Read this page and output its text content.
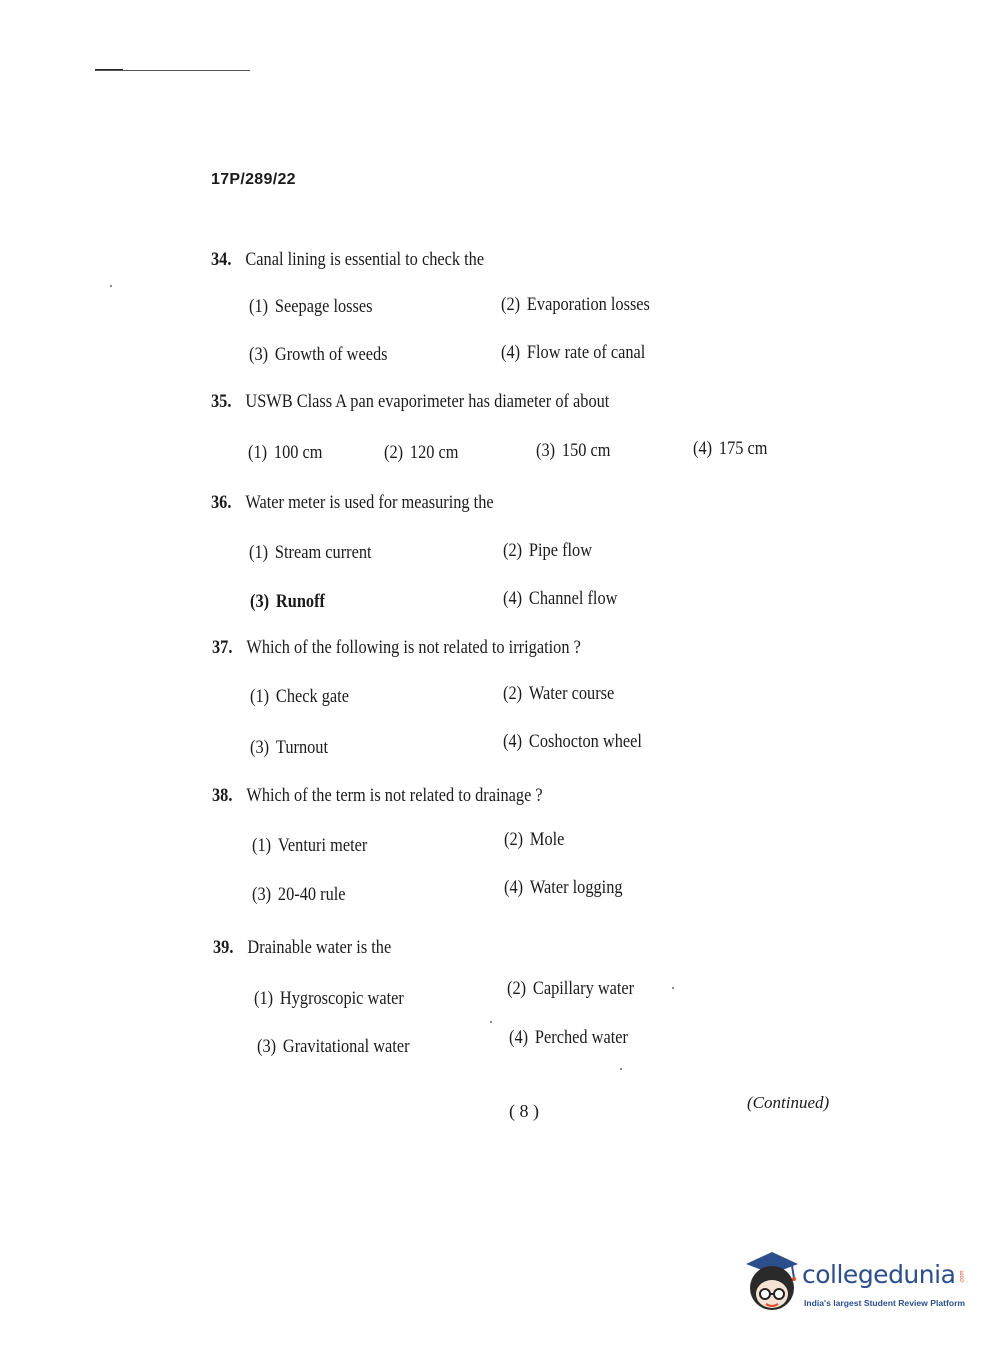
17P/289/22
34. Canal lining is essential to check the
(1) Seepage losses	(2) Evaporation losses
(3) Growth of weeds	(4) Flow rate of canal
35. USWB Class A pan evaporimeter has diameter of about
(1) 100 cm	(2) 120 cm	(3) 150 cm	(4) 175 cm
36. Water meter is used for measuring the
(1) Stream current	(2) Pipe flow
(3) Runoff	(4) Channel flow
37. Which of the following is not related to irrigation ?
(1) Check gate	(2) Water course
(3) Turnout	(4) Coshocton wheel
38. Which of the term is not related to drainage ?
(1) Venturi meter	(2) Mole
(3) 20-40 rule	(4) Water logging
39. Drainable water is the
(1) Hygroscopic water	(2) Capillary water
(3) Gravitational water	(4) Perched water
( 8 )	(Continued)
collegedunia .com
India's largest Student Review Platform
